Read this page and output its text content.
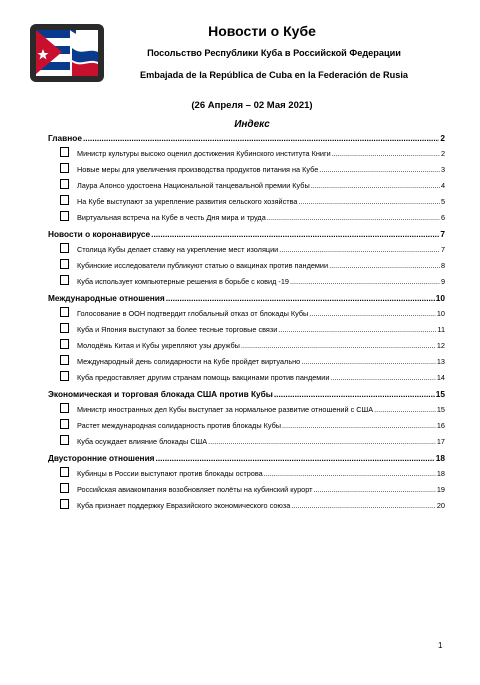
Новости о Кубе
Посольство Республики Куба в Российской Федерации
Embajada de la República de Cuba en la Federación de Rusia
(26 Апреля – 02 Мая 2021)
Индекс
Главное .....	2
Министр культуры высоко оценил достижения Кубинского института Книги .....	2
Новые меры для увеличения производства продуктов питания на Кубе .....	3
Лаура Алонсо удостоена Национальной танцевальной премии Кубы .....	4
На Кубе выступают за укрепление развития сельского хозяйства .....	5
Виртуальная встреча на Кубе в честь Дня мира и труда .....	6
Новости о коронавирусе .....	7
Столица Кубы делает ставку на укрепление мест изоляции .....	7
Кубинские исследователи публикуют статью о вакцинах против пандемии .....	8
Куба использует компьютерные решения в борьбе с ковид -19 .....	9
Международные отношения .....	10
Голосование в ООН подтвердит глобальный отказ от блокады Кубы .....	10
Куба и Япония выступают за более тесные торговые связи .....	11
Молодёжь Китая и Кубы укрепляют узы дружбы .....	12
Международный день солидарности на Кубе пройдет виртуально .....	13
Куба предоставляет другим странам помощь вакцинами против пандемии .....	14
Экономическая и торговая блокада США против Кубы .....	15
Министр иностранных дел Кубы выступает за нормальное развитие отношений с США .....	15
Растет международная солидарность против блокады Кубы .....	16
Куба осуждает влияние блокады США .....	17
Двусторонние отношения .....	18
Кубинцы в России выступают против блокады острова .....	18
Российская авиакомпания возобновляет полёты на кубинский курорт .....	19
Куба признает поддержку Евразийского экономического союза .....	20
1
